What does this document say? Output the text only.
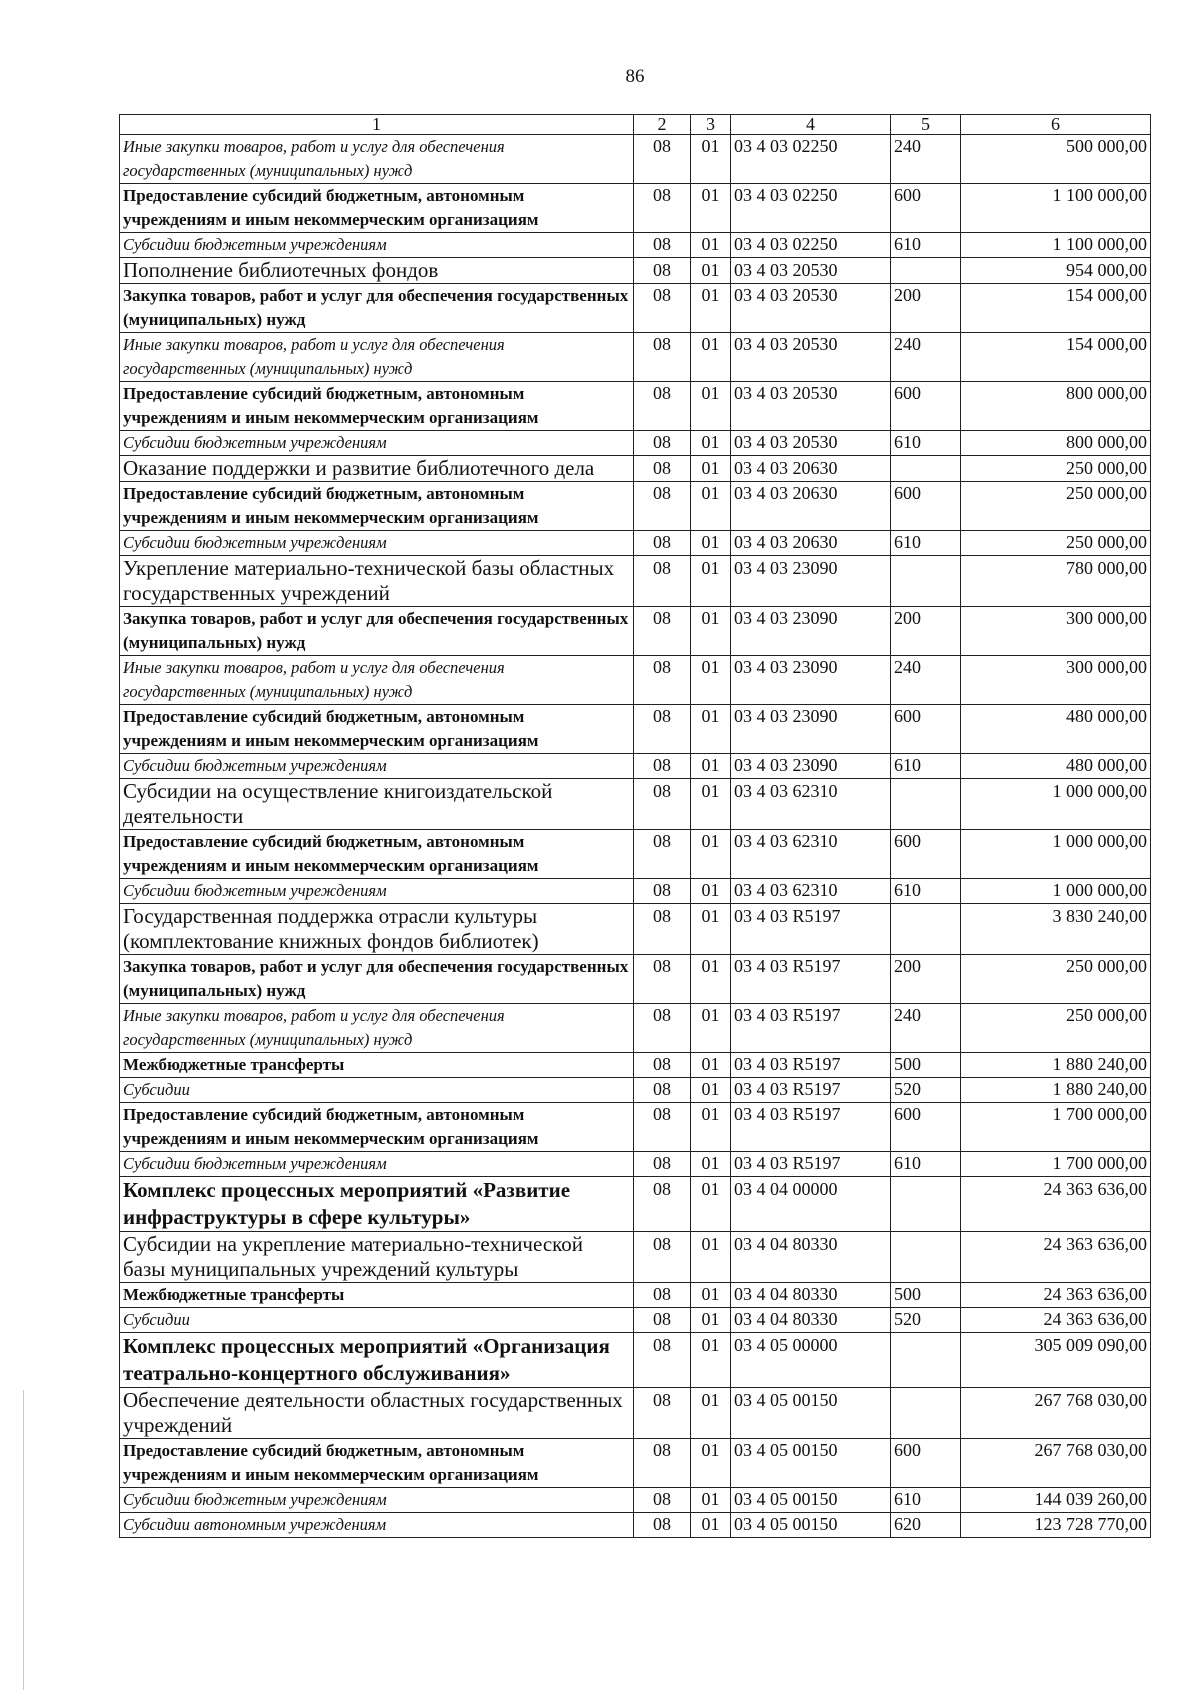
86
1	2	3	4	5	6
Иные закупки товаров, работ и услуг для обеспечения государственных (муниципальных) нужд	08	01	03 4 03 02250	240	500 000,00
Предоставление субсидий бюджетным, автономным учреждениям и иным некоммерческим организациям	08	01	03 4 03 02250	600	1 100 000,00
Субсидии бюджетным учреждениям	08	01	03 4 03 02250	610	1 100 000,00
Пополнение библиотечных фондов	08	01	03 4 03 20530		954 000,00
Закупка товаров, работ и услуг для обеспечения государственных (муниципальных) нужд	08	01	03 4 03 20530	200	154 000,00
Иные закупки товаров, работ и услуг для обеспечения государственных (муниципальных) нужд	08	01	03 4 03 20530	240	154 000,00
Предоставление субсидий бюджетным, автономным учреждениям и иным некоммерческим организациям	08	01	03 4 03 20530	600	800 000,00
Субсидии бюджетным учреждениям	08	01	03 4 03 20530	610	800 000,00
Оказание поддержки и развитие библиотечного дела	08	01	03 4 03 20630		250 000,00
Предоставление субсидий бюджетным, автономным учреждениям и иным некоммерческим организациям	08	01	03 4 03 20630	600	250 000,00
Субсидии бюджетным учреждениям	08	01	03 4 03 20630	610	250 000,00
Укрепление материально-технической базы областных государственных учреждений	08	01	03 4 03 23090		780 000,00
Закупка товаров, работ и услуг для обеспечения государственных (муниципальных) нужд	08	01	03 4 03 23090	200	300 000,00
Иные закупки товаров, работ и услуг для обеспечения государственных (муниципальных) нужд	08	01	03 4 03 23090	240	300 000,00
Предоставление субсидий бюджетным, автономным учреждениям и иным некоммерческим организациям	08	01	03 4 03 23090	600	480 000,00
Субсидии бюджетным учреждениям	08	01	03 4 03 23090	610	480 000,00
Субсидии на осуществление книгоиздательской деятельности	08	01	03 4 03 62310		1 000 000,00
Предоставление субсидий бюджетным, автономным учреждениям и иным некоммерческим организациям	08	01	03 4 03 62310	600	1 000 000,00
Субсидии бюджетным учреждениям	08	01	03 4 03 62310	610	1 000 000,00
Государственная поддержка отрасли культуры (комплектование книжных фондов библиотек)	08	01	03 4 03 R5197		3 830 240,00
Закупка товаров, работ и услуг для обеспечения государственных (муниципальных) нужд	08	01	03 4 03 R5197	200	250 000,00
Иные закупки товаров, работ и услуг для обеспечения государственных (муниципальных) нужд	08	01	03 4 03 R5197	240	250 000,00
Межбюджетные трансферты	08	01	03 4 03 R5197	500	1 880 240,00
Субсидии	08	01	03 4 03 R5197	520	1 880 240,00
Предоставление субсидий бюджетным, автономным учреждениям и иным некоммерческим организациям	08	01	03 4 03 R5197	600	1 700 000,00
Субсидии бюджетным учреждениям	08	01	03 4 03 R5197	610	1 700 000,00
Комплекс процессных мероприятий «Развитие инфраструктуры в сфере культуры»	08	01	03 4 04 00000		24 363 636,00
Субсидии на укрепление материально-технической базы муниципальных учреждений культуры	08	01	03 4 04 80330		24 363 636,00
Межбюджетные трансферты	08	01	03 4 04 80330	500	24 363 636,00
Субсидии	08	01	03 4 04 80330	520	24 363 636,00
Комплекс процессных мероприятий «Организация театрально-концертного обслуживания»	08	01	03 4 05 00000		305 009 090,00
Обеспечение деятельности областных государственных учреждений	08	01	03 4 05 00150		267 768 030,00
Предоставление субсидий бюджетным, автономным учреждениям и иным некоммерческим организациям	08	01	03 4 05 00150	600	267 768 030,00
Субсидии бюджетным учреждениям	08	01	03 4 05 00150	610	144 039 260,00
Субсидии автономным учреждениям	08	01	03 4 05 00150	620	123 728 770,00
